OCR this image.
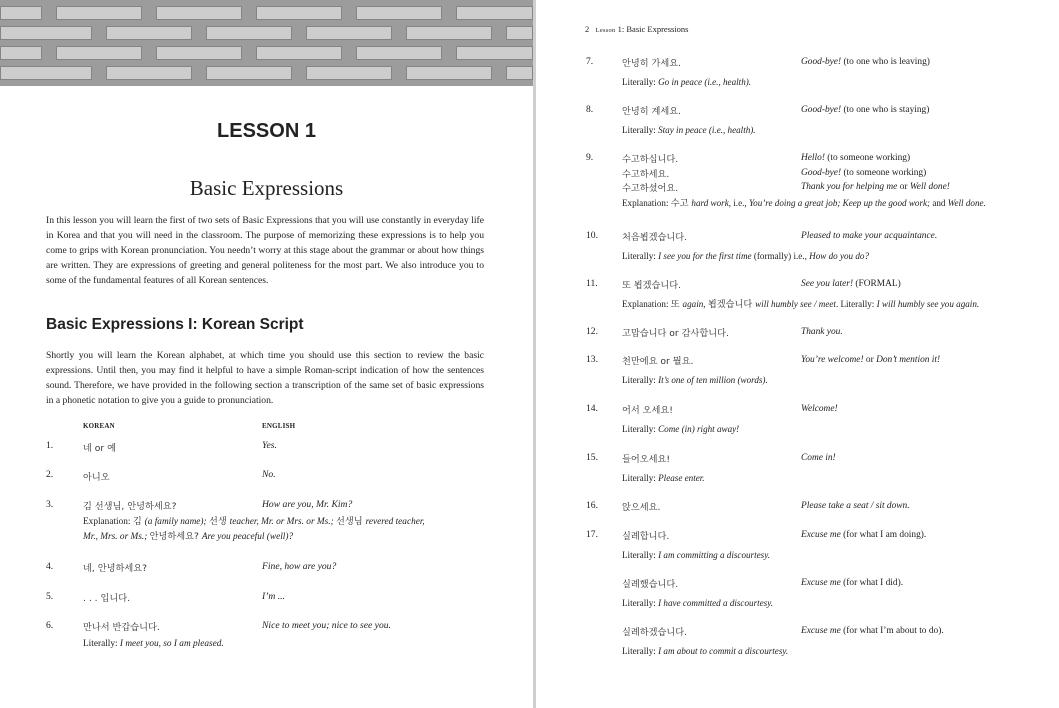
LESSON 1
Basic Expressions
In this lesson you will learn the first of two sets of Basic Expressions that you will use constantly in everyday life in Korea and that you will need in the classroom. The purpose of memorizing these expressions is to help you come to grips with Korean pronunciation. You needn’t worry at this stage about the grammar or about how things are written. They are expressions of greeting and general politeness for the most part. We also introduce you to some of the fundamental features of all Korean sentences.
Basic Expressions I: Korean Script
Shortly you will learn the Korean alphabet, at which time you should use this section to review the basic expressions. Until then, you may find it helpful to have a simple Roman-script indication of how the sentences sound. Therefore, we have provided in the following section a transcription of the same set of basic expressions in a phonetic notation to give you a guide to pronunciation.
KOREAN	ENGLISH
1.	네 or 예	Yes.
2.	아니오	No.
3.	김 선생님, 안녕하세요?	How are you, Mr. Kim?
Explanation: 김 (a family name); 선생 teacher, Mr. or Mrs. or Ms.; 선생님 revered teacher,
Mr., Mrs. or Ms.; 안녕하세요? Are you peaceful (well)?
4.	네, 안녕하세요?	Fine, how are you?
5.	. . . 입니다.	I’m ...
6.	만나서 반갑습니다.	Nice to meet you; nice to see you.
Literally: I meet you, so I am pleased.
2 Lesson 1: Basic Expressions
7.	안녕히 가세요.	Good-bye! (to one who is leaving)
Literally: Go in peace (i.e., health).
8.	안녕히 계세요.	Good-bye! (to one who is staying)
Literally: Stay in peace (i.e., health).
9.	수고하십니다.	Hello! (to someone working)
수고하세요.	Good-bye! (to someone working)
수고하셨어요.	Thank you for helping me or Well done!
Explanation: 수고 hard work, i.e., You’re doing a great job; Keep up the good work; and Well done.
10.	처음뵙겠습니다.	Pleased to make your acquaintance.
Literally: I see you for the first time (formally) i.e., How do you do?
11.	또 뵙겠습니다.	See you later! (FORMAL)
Explanation: 또 again, 뵙겠습니다 will humbly see / meet. Literally: I will humbly see you again.
12.	고맙습니다 or 감사합니다.	Thank you.
13.	천만에요 or 뭘요.	You’re welcome! or Don’t mention it!
Literally: It’s one of ten million (words).
14.	어서 오세요!	Welcome!
Literally: Come (in) right away!
15.	들어오세요!	Come in!
Literally: Please enter.
16.	앉으세요.	Please take a seat / sit down.
17.	실례합니다.	Excuse me (for what I am doing).
Literally: I am committing a discourtesy.
실례했습니다.	Excuse me (for what I did).
Literally: I have committed a discourtesy.
실례하겠습니다.	Excuse me (for what I’m about to do).
Literally: I am about to commit a discourtesy.
